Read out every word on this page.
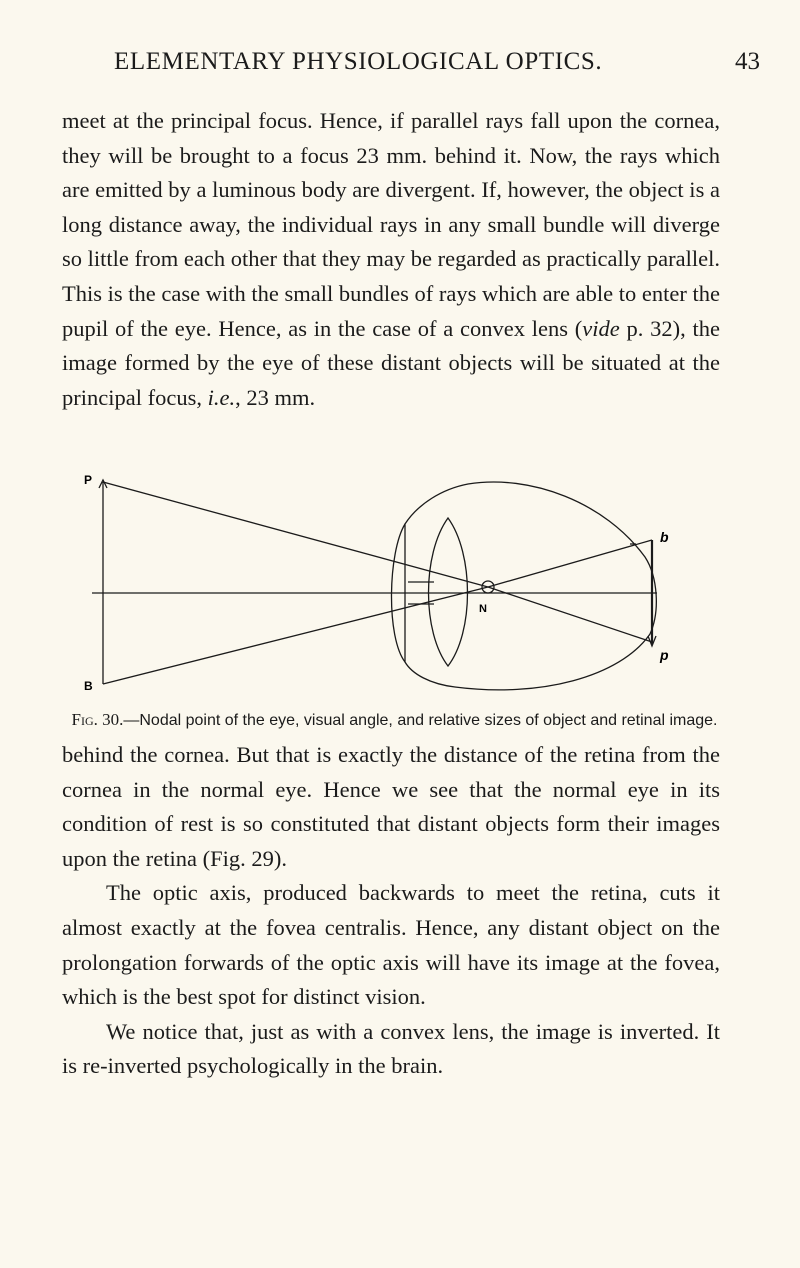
ELEMENTARY PHYSIOLOGICAL OPTICS.	43

meet at the principal focus. Hence, if parallel rays fall upon the cornea, they will be brought to a focus 23 mm. behind it. Now, the rays which are emitted by a luminous body are divergent. If, however, the object is a long distance away, the individual rays in any small bundle will diverge so little from each other that they may be regarded as practically parallel. This is the case with the small bundles of rays which are able to enter the pupil of the eye. Hence, as in the case of a convex lens (vide p. 32), the image formed by the eye of these distant objects will be situated at the principal focus, i.e., 23 mm.

P
B
b
p
N
Fig. 30.—Nodal point of the eye, visual angle, and relative sizes of object and retinal image.

behind the cornea. But that is exactly the distance of the retina from the cornea in the normal eye. Hence we see that the normal eye in its condition of rest is so constituted that distant objects form their images upon the retina (Fig. 29).

The optic axis, produced backwards to meet the retina, cuts it almost exactly at the fovea centralis. Hence, any distant object on the prolongation forwards of the optic axis will have its image at the fovea, which is the best spot for distinct vision.

We notice that, just as with a convex lens, the image is inverted. It is re-inverted psychologically in the brain.
